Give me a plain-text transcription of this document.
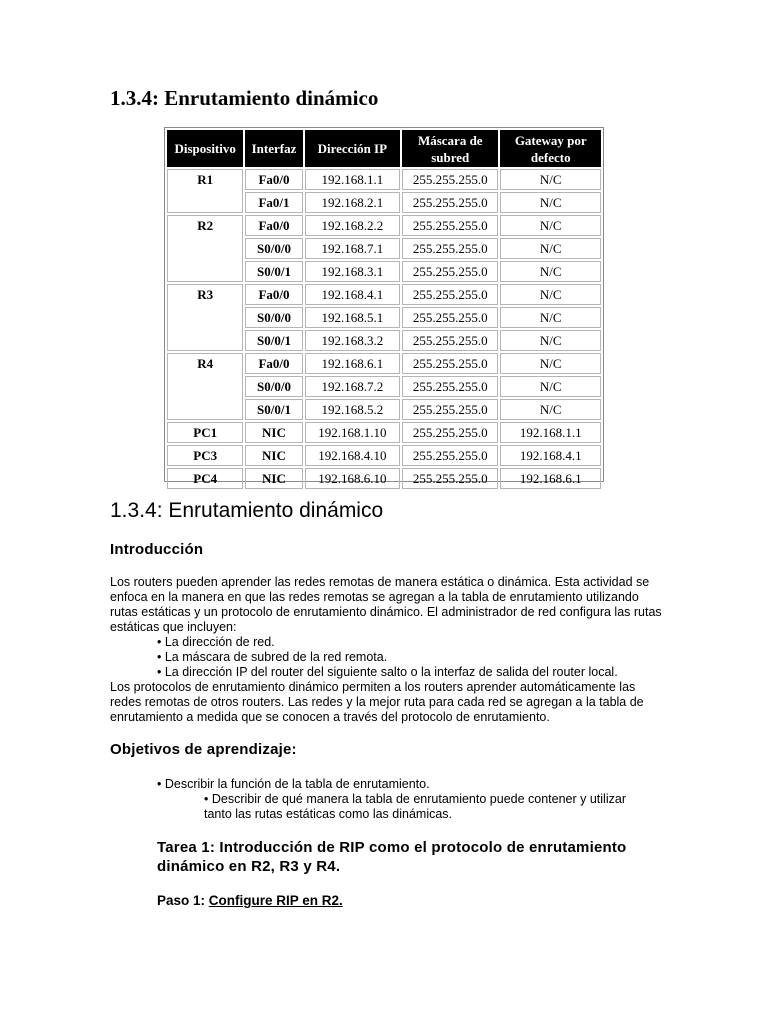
1.3.4: Enrutamiento dinámico
Dispositivo	Interfaz	Dirección IP	Máscara de subred	Gateway por defecto
R1	Fa0/0	192.168.1.1	255.255.255.0	N/C
	Fa0/1	192.168.2.1	255.255.255.0	N/C
R2	Fa0/0	192.168.2.2	255.255.255.0	N/C
	S0/0/0	192.168.7.1	255.255.255.0	N/C
	S0/0/1	192.168.3.1	255.255.255.0	N/C
R3	Fa0/0	192.168.4.1	255.255.255.0	N/C
	S0/0/0	192.168.5.1	255.255.255.0	N/C
	S0/0/1	192.168.3.2	255.255.255.0	N/C
R4	Fa0/0	192.168.6.1	255.255.255.0	N/C
	S0/0/0	192.168.7.2	255.255.255.0	N/C
	S0/0/1	192.168.5.2	255.255.255.0	N/C
PC1	NIC	192.168.1.10	255.255.255.0	192.168.1.1
PC3	NIC	192.168.4.10	255.255.255.0	192.168.4.1
PC4	NIC	192.168.6.10	255.255.255.0	192.168.6.1
1.3.4: Enrutamiento dinámico
Introducción

Los routers pueden aprender las redes remotas de manera estática o dinámica. Esta actividad se enfoca en la manera en que las redes remotas se agregan a la tabla de enrutamiento utilizando rutas estáticas y un protocolo de enrutamiento dinámico. El administrador de red configura las rutas estáticas que incluyen:

• La dirección de red.

• La máscara de subred de la red remota.

• La dirección IP del router del siguiente salto o la interfaz de salida del router local.

Los protocolos de enrutamiento dinámico permiten a los routers aprender automáticamente las redes remotas de otros routers. Las redes y la mejor ruta para cada red se agregan a la tabla de enrutamiento a medida que se conocen a través del protocolo de enrutamiento.

Objetivos de aprendizaje:

• Describir la función de la tabla de enrutamiento.

• Describir de qué manera la tabla de enrutamiento puede contener y utilizar tanto las rutas estáticas como las dinámicas.

Tarea 1: Introducción de RIP como el protocolo de enrutamiento dinámico en R2, R3 y R4.

Paso 1: Configure RIP en R2.
